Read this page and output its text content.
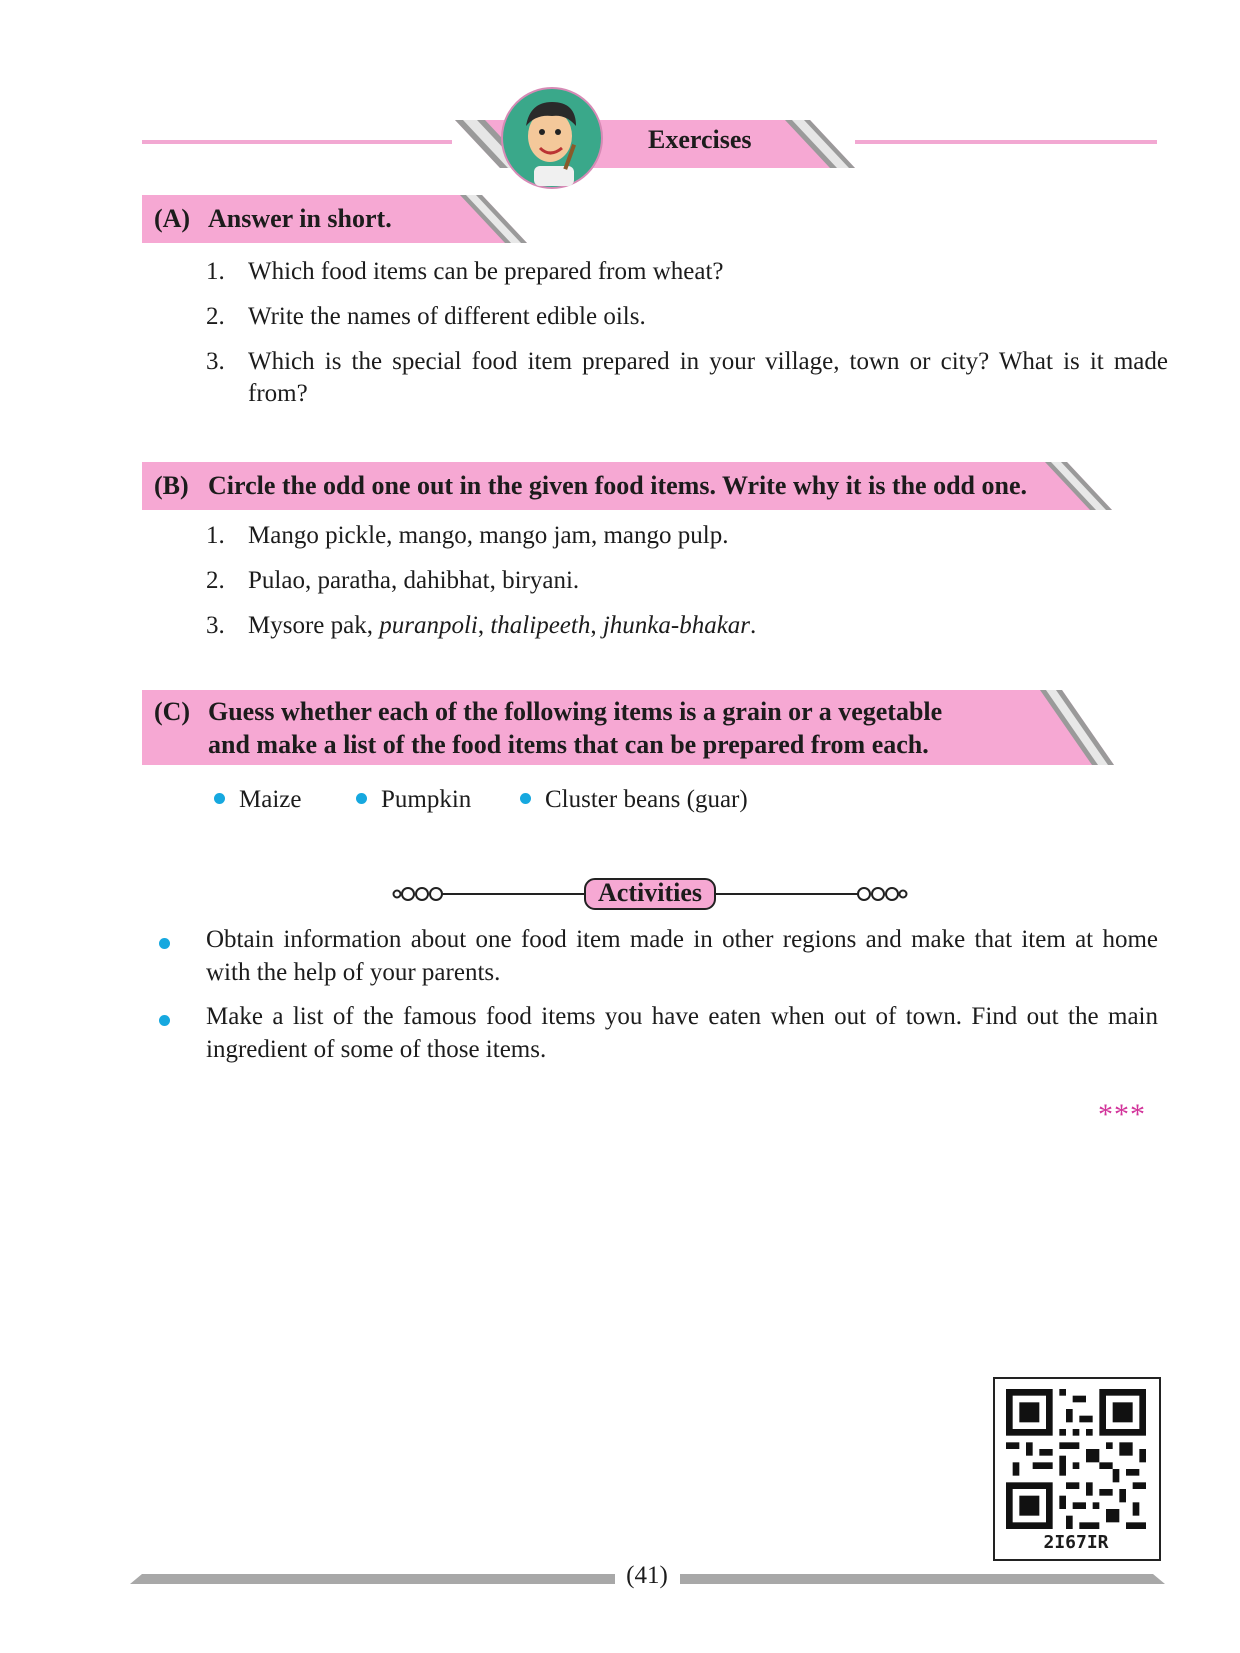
Exercises
(A) Answer in short.
1. Which food items can be prepared from wheat?
2. Write the names of different edible oils.
3. Which is the special food item prepared in your village, town or city? What is it made from?
(B) Circle the odd one out in the given food items. Write why it is the odd one.
1. Mango pickle, mango, mango jam, mango pulp.
2. Pulao, paratha, dahibhat, biryani.
3. Mysore pak, puranpoli, thalipeeth, jhunka-bhakar.
(C) Guess whether each of the following items is a grain or a vegetable
and make a list of the food items that can be prepared from each.
Maize	Pumpkin	Cluster beans (guar)
Activities
Obtain information about one food item made in other regions and make that item at home with the help of your parents.
Make a list of the famous food items you have eaten when out of town. Find out the main ingredient of some of those items.
***
2I67IR
(41)
